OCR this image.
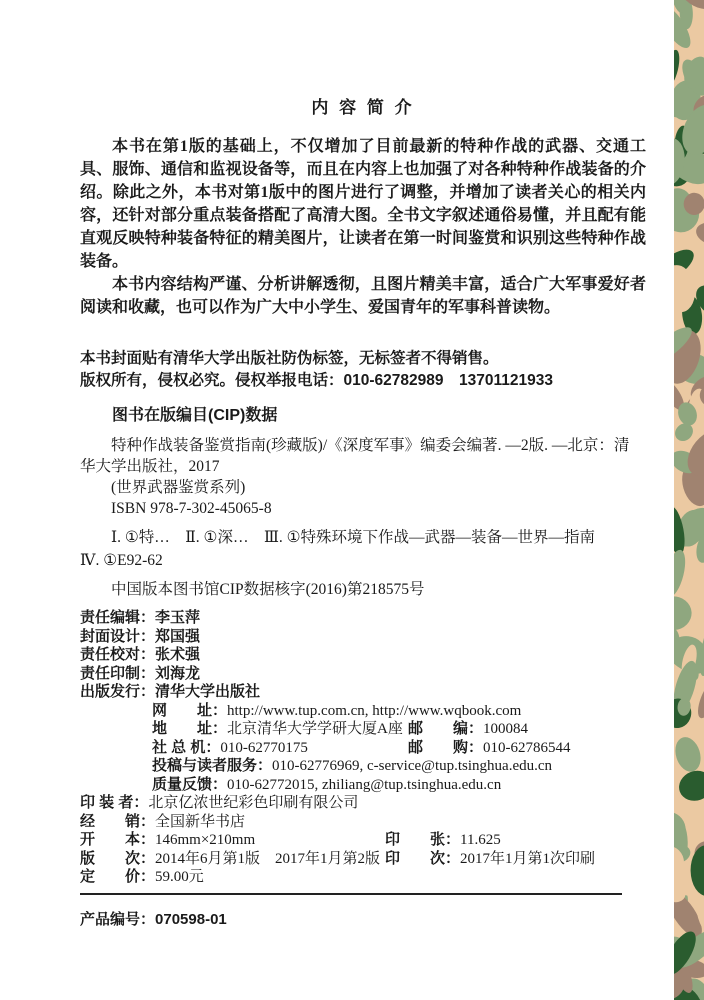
内 容 简 介

本书在第1版的基础上，不仅增加了目前最新的特种作战的武器、交通工具、服饰、通信和监视设备等，而且在内容上也加强了对各种特种作战装备的介绍。除此之外，本书对第1版中的图片进行了调整，并增加了读者关心的相关内容，还针对部分重点装备搭配了高清大图。全书文字叙述通俗易懂，并且配有能直观反映特种装备特征的精美图片，让读者在第一时间鉴赏和识别这些特种作战装备。

本书内容结构严谨、分析讲解透彻，且图片精美丰富，适合广大军事爱好者阅读和收藏，也可以作为广大中小学生、爱国青年的军事科普读物。

本书封面贴有清华大学出版社防伪标签，无标签者不得销售。
版权所有，侵权必究。侵权举报电话：010-62782989　13701121933
图书在版编目(CIP)数据
特种作战装备鉴赏指南(珍藏版)/《深度军事》编委会编著. —2版. —北京：清
华大学出版社，2017
(世界武器鉴赏系列)
ISBN 978-7-302-45065-8
Ⅰ. ①特…　Ⅱ. ①深…　Ⅲ. ①特殊环境下作战—武器—装备—世界—指南
Ⅳ. ①E92-62
中国版本图书馆CIP数据核字(2016)第218575号
责任编辑：李玉萍
封面设计：郑国强
责任校对：张术强
责任印制：刘海龙
出版发行：清华大学出版社
网　　址：http://www.tup.com.cn, http://www.wqbook.com
地　　址：北京清华大学学研大厦A座 邮　　编：100084
社 总 机：010-62770175	邮　　购：010-62786544
投稿与读者服务：010-62776969, c-service@tup.tsinghua.edu.cn
质量反馈：010-62772015, zhiliang@tup.tsinghua.edu.cn
印 装 者：北京亿浓世纪彩色印刷有限公司
经　　销：全国新华书店
开　　本：146mm×210mm	印　　张：11.625
版　　次：2014年6月第1版　2017年1月第2版 印　　次：2017年1月第1次印刷
定　　价：59.00元
产品编号：070598-01
